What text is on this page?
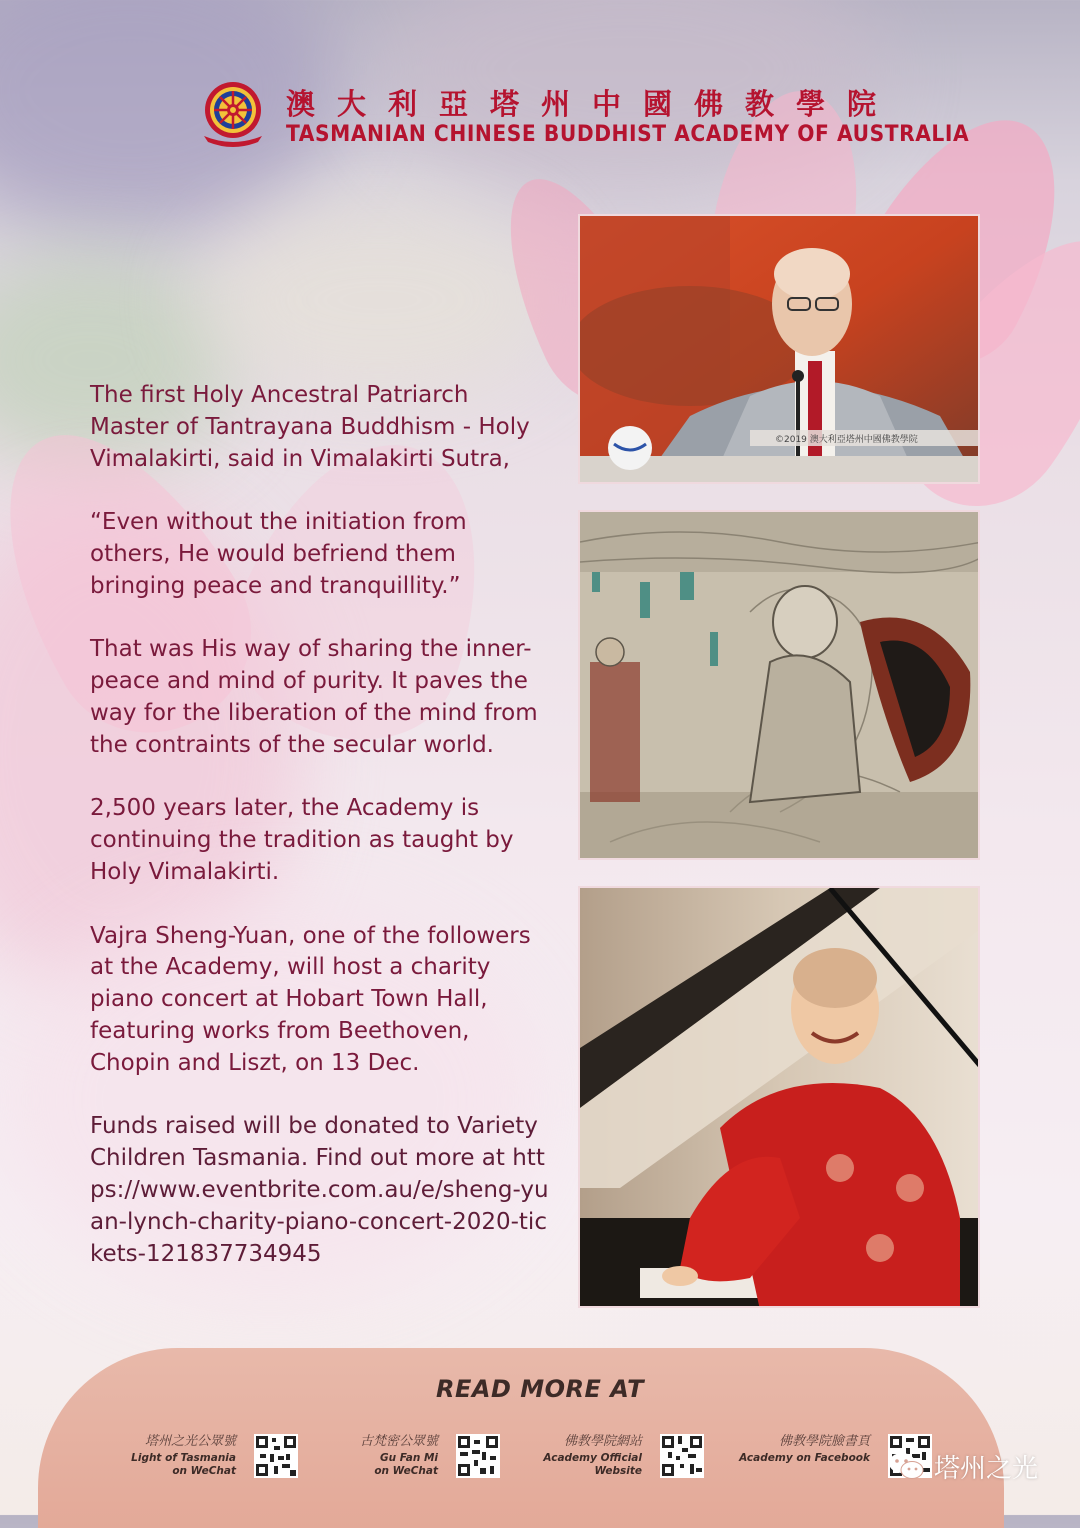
澳大利亞塔州中國佛教學院
TASMANIAN CHINESE BUDDHIST ACADEMY OF AUSTRALIA

The first Holy Ancestral Patriarch Master of Tantrayana Buddhism - Holy Vimalakirti, said in Vimalakirti Sutra,

“Even without the initiation from others, He would befriend them bringing peace and tranquillity.”

That was His way of sharing the inner-peace and mind of purity. It paves the way for the liberation of the mind from the contraints of the secular world.

2,500 years later, the Academy is continuing the tradition as taught by Holy Vimalakirti.

Vajra Sheng-Yuan, one of the followers at the Academy, will host a charity piano concert at Hobart Town Hall, featuring works from Beethoven, Chopin and Liszt, on 13 Dec.

Funds raised will be donated to Variety Children Tasmania. Find out more at https://www.eventbrite.com.au/e/sheng-yuan-lynch-charity-piano-concert-2020-tickets-121837734945

©2019 澳大利亞塔州中國佛教學院
READ MORE AT
塔州之光公眾號
Light of Tasmania
on WeChat
古梵密公眾號
Gu Fan Mi
on WeChat
佛教學院網站
Academy Official
Website
佛教學院臉書頁
Academy on Facebook 塔州之光
